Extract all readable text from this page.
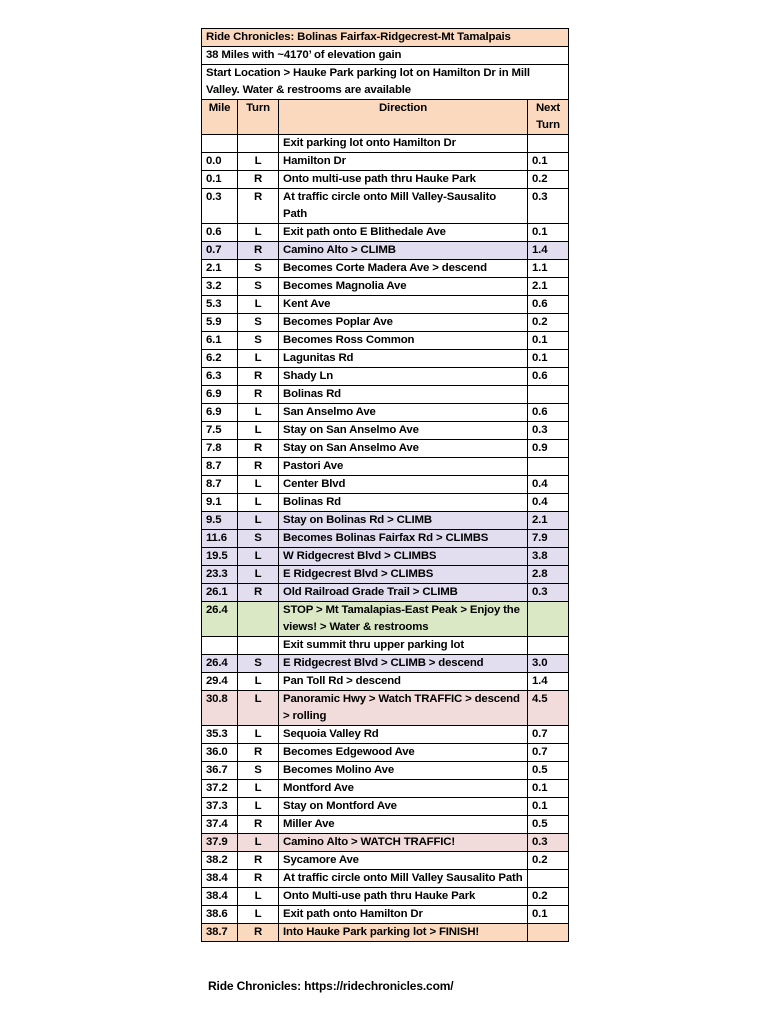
Ride Chronicles: Bolinas Fairfax-Ridgecrest-Mt Tamalpais			
38 Miles with ~4170’ of elevation gain			
Start Location > Hauke Park parking lot on Hamilton Dr in Mill Valley. Water & restrooms are available			
Mile	Turn	Direction	Next Turn
		Exit parking lot onto Hamilton Dr	
0.0	L	Hamilton Dr	0.1
0.1	R	Onto multi-use path thru Hauke Park	0.2
0.3	R	At traffic circle onto Mill Valley-Sausalito Path	0.3
0.6	L	Exit path onto E Blithedale Ave	0.1
0.7	R	Camino Alto > CLIMB	1.4
2.1	S	Becomes Corte Madera Ave > descend	1.1
3.2	S	Becomes Magnolia Ave	2.1
5.3	L	Kent Ave	0.6
5.9	S	Becomes Poplar Ave	0.2
6.1	S	Becomes Ross Common	0.1
6.2	L	Lagunitas Rd	0.1
6.3	R	Shady Ln	0.6
6.9	R	Bolinas Rd	
6.9	L	San Anselmo Ave	0.6
7.5	L	Stay on San Anselmo Ave	0.3
7.8	R	Stay on San Anselmo Ave	0.9
8.7	R	Pastori Ave	
8.7	L	Center Blvd	0.4
9.1	L	Bolinas Rd	0.4
9.5	L	Stay on Bolinas Rd > CLIMB	2.1
11.6	S	Becomes Bolinas Fairfax Rd > CLIMBS	7.9
19.5	L	W Ridgecrest Blvd > CLIMBS	3.8
23.3	L	E Ridgecrest Blvd > CLIMBS	2.8
26.1	R	Old Railroad Grade Trail > CLIMB	0.3
26.4		STOP > Mt Tamalapias-East Peak > Enjoy the views! > Water & restrooms	
		Exit summit thru upper parking lot	
26.4	S	E Ridgecrest Blvd > CLIMB > descend	3.0
29.4	L	Pan Toll Rd > descend	1.4
30.8	L	Panoramic Hwy > Watch TRAFFIC > descend > rolling	4.5
35.3	L	Sequoia Valley Rd	0.7
36.0	R	Becomes Edgewood Ave	0.7
36.7	S	Becomes Molino Ave	0.5
37.2	L	Montford Ave	0.1
37.3	L	Stay on Montford Ave	0.1
37.4	R	Miller Ave	0.5
37.9	L	Camino Alto > WATCH TRAFFIC!	0.3
38.2	R	Sycamore Ave	0.2
38.4	R	At traffic circle onto Mill Valley Sausalito Path	
38.4	L	Onto Multi-use path thru Hauke Park	0.2
38.6	L	Exit path onto Hamilton Dr	0.1
38.7	R	Into Hauke Park parking lot > FINISH!	
Ride Chronicles: https://ridechronicles.com/
